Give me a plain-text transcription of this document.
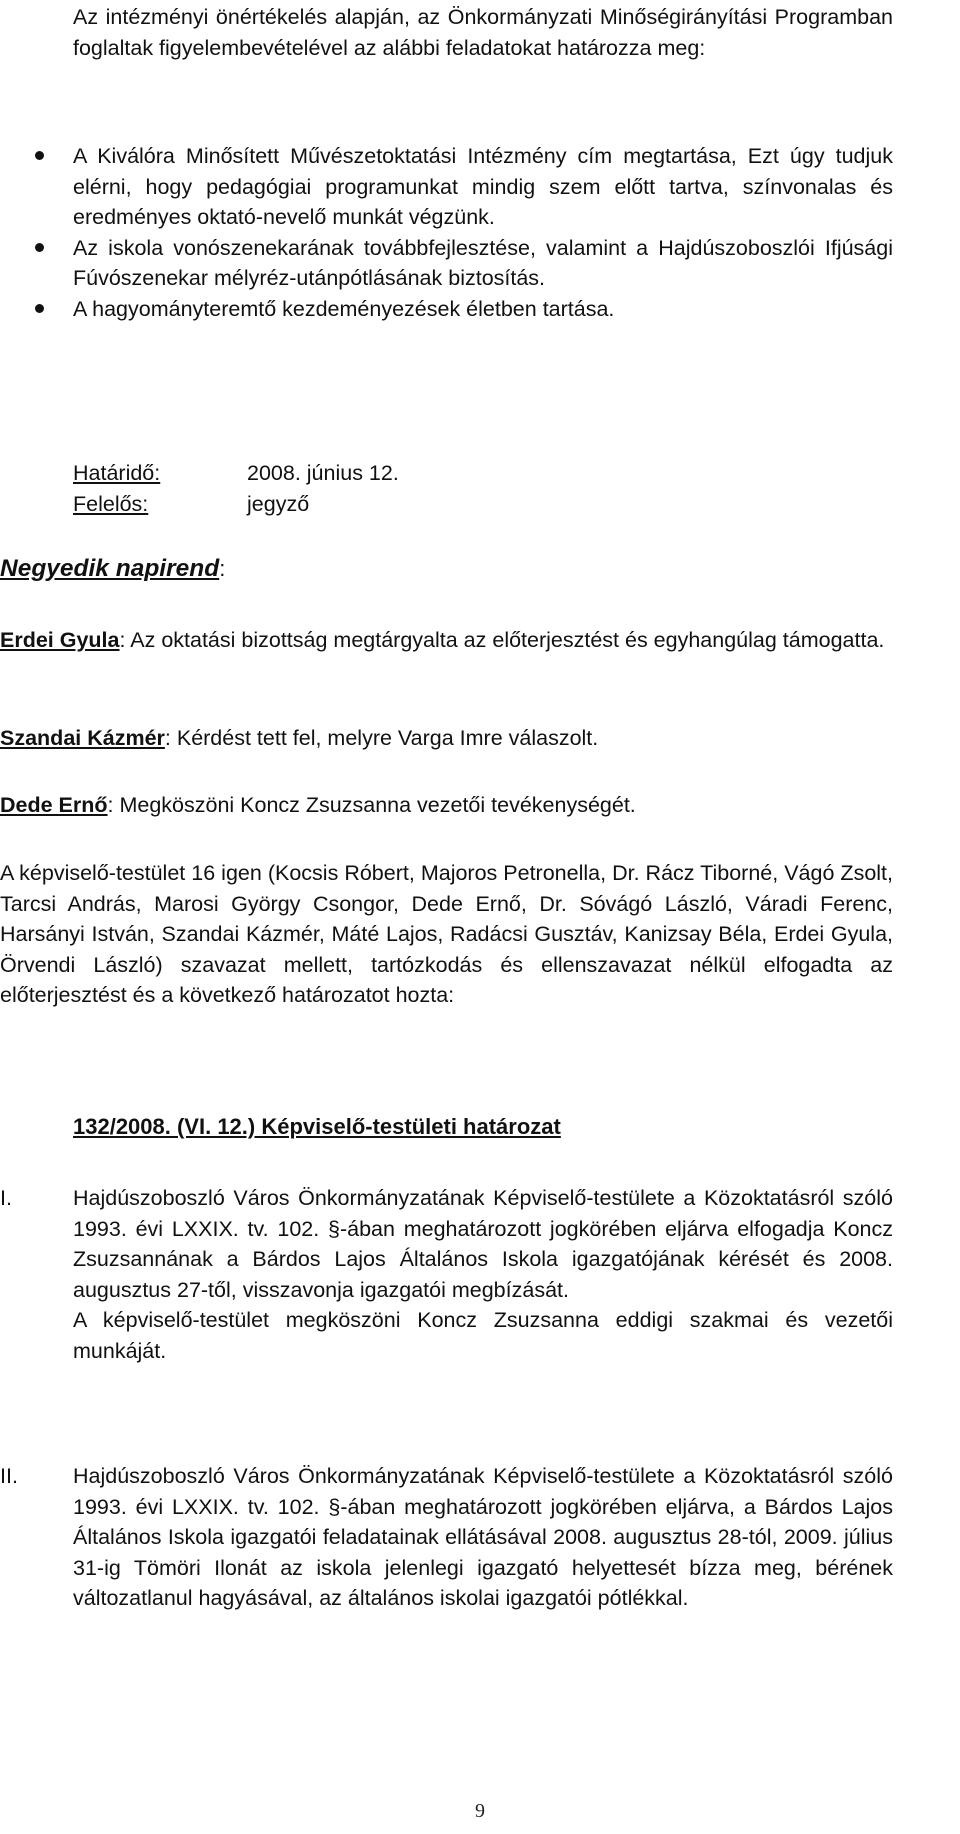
Az intézményi önértékelés alapján, az Önkormányzati Minőségirányítási Programban foglaltak figyelembevételével az alábbi feladatokat határozza meg:
A Kiválóra Minősített Művészetoktatási Intézmény cím megtartása, Ezt úgy tudjuk elérni, hogy pedagógiai programunkat mindig szem előtt tartva, színvonalas és eredményes oktató-nevelő munkát végzünk.
Az iskola vonószenekarának továbbfejlesztése, valamint a Hajdúszoboszlói Ifjúsági Fúvószenekar mélyréz-utánpótlásának biztosítás.
A hagyományteremtő kezdeményezések életben tartása.
Határidő:	2008. június 12.
Felelős:	jegyző
Negyedik napirend:
Erdei Gyula: Az oktatási bizottság megtárgyalta az előterjesztést és egyhangúlag támogatta.
Szandai Kázmér: Kérdést tett fel, melyre Varga Imre válaszolt.
Dede Ernő: Megköszöni Koncz Zsuzsanna vezetői tevékenységét.
A képviselő-testület 16 igen (Kocsis Róbert, Majoros Petronella, Dr. Rácz Tiborné, Vágó Zsolt, Tarcsi András, Marosi György Csongor, Dede Ernő, Dr. Sóvágó László, Váradi Ferenc, Harsányi István, Szandai Kázmér, Máté Lajos, Radácsi Gusztáv, Kanizsay Béla, Erdei Gyula, Örvendi László) szavazat mellett, tartózkodás és ellenszavazat nélkül elfogadta az előterjesztést és a következő határozatot hozta:
132/2008. (VI. 12.) Képviselő-testületi határozat
I.	Hajdúszoboszló Város Önkormányzatának Képviselő-testülete a Közoktatásról szóló 1993. évi LXXIX. tv. 102. §-ában meghatározott jogkörében eljárva elfogadja Koncz Zsuzsannának a Bárdos Lajos Általános Iskola igazgatójának kérését és 2008. augusztus 27-től, visszavonja igazgatói megbízását.
A képviselő-testület megköszöni Koncz Zsuzsanna eddigi szakmai és vezetői munkáját.
II.	Hajdúszoboszló Város Önkormányzatának Képviselő-testülete a Közoktatásról szóló 1993. évi LXXIX. tv. 102. §-ában meghatározott jogkörében eljárva, a Bárdos Lajos Általános Iskola igazgatói feladatainak ellátásával 2008. augusztus 28-tól, 2009. július 31-ig Tömöri Ilonát az iskola jelenlegi igazgató helyettesét bízza meg, bérének változatlanul hagyásával, az általános iskolai igazgatói pótlékkal.
9
